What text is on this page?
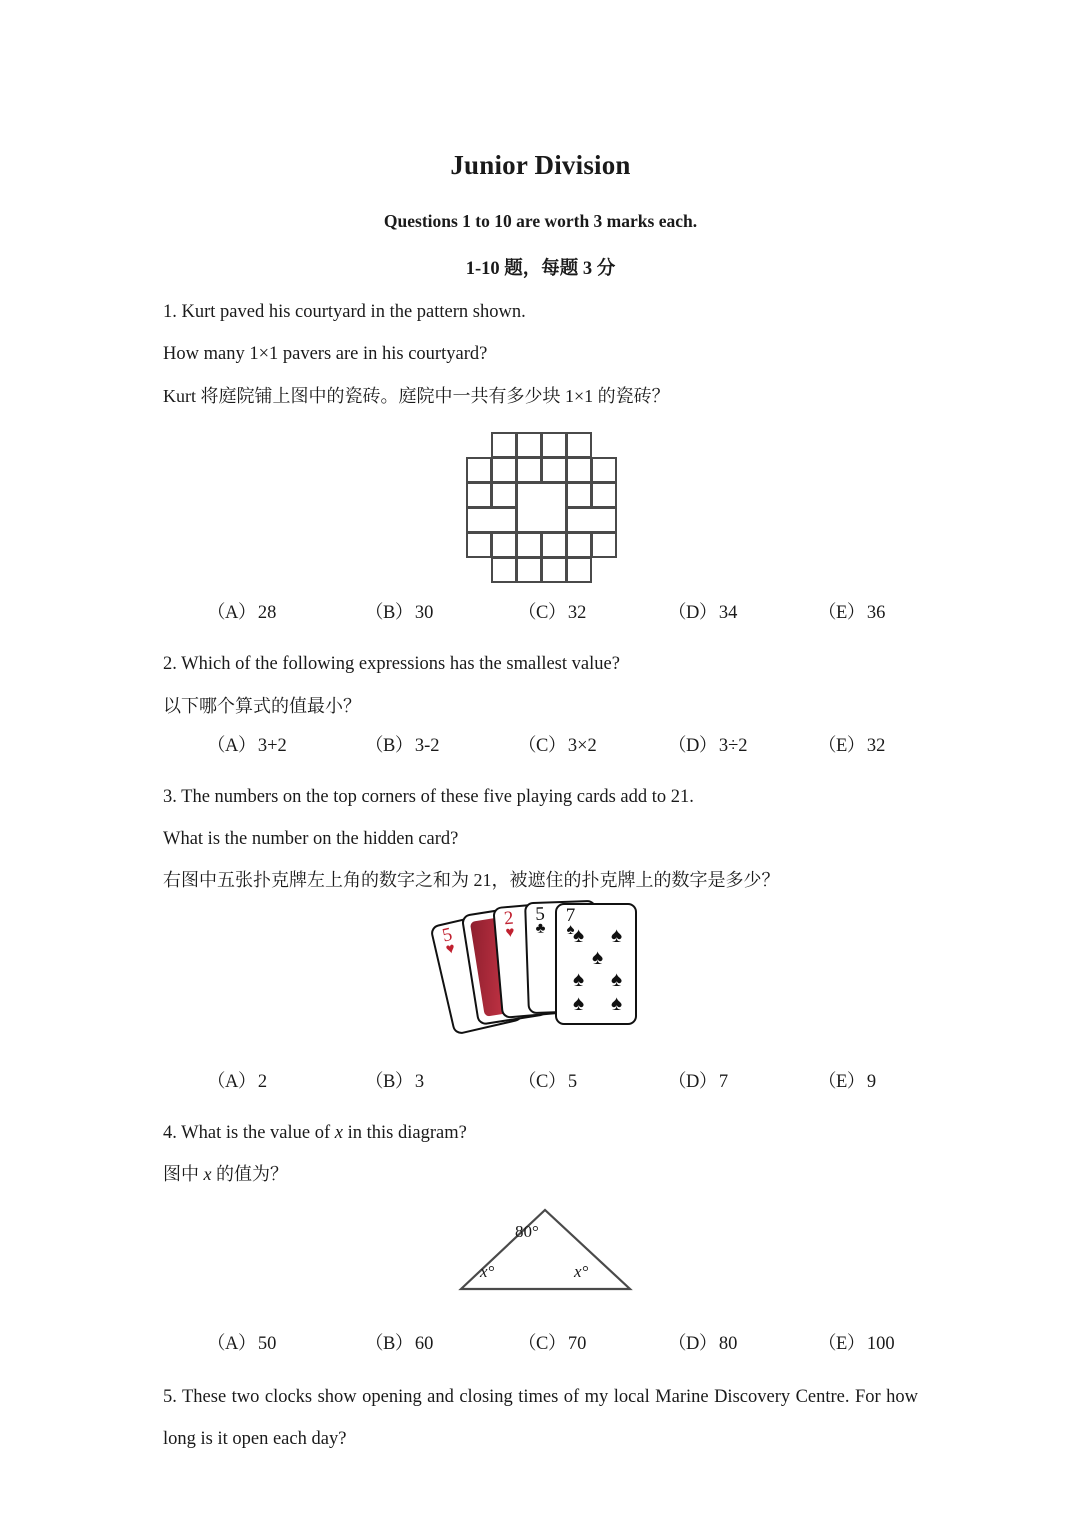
Junior Division

Questions 1 to 10 are worth 3 marks each.

1-10 题，每题 3 分

1. Kurt paved his courtyard in the pattern shown.

How many 1×1 pavers are in his courtyard?

Kurt 将庭院铺上图中的瓷砖。庭院中一共有多少块 1×1 的瓷砖？

（A） 28	（B） 30	（C） 32	（D） 34	（E） 36

2. Which of the following expressions has the smallest value?

以下哪个算式的值最小？

（A） 3+2	（B） 3-2	（C） 3×2	（D） 3÷2	（E） 32

3. The numbers on the top corners of these five playing cards add to 21.

What is the number on the hidden card?

右图中五张扑克牌左上角的数字之和为 21，被遮住的扑克牌上的数字是多少？

5
♥
2
♥
5
♣
7
♠
♠ ♠
♠
♠ ♠
♠ ♠
（A） 2	（B） 3	（C） 5	（D） 7	（E） 9

4. What is the value of x in this diagram?

图中 x 的值为？

80°
x°	x°
（A） 50	（B） 60	（C） 70	（D） 80	（E） 100

5. These two clocks show opening and closing times of my local Marine Discovery Centre. For how long is it open each day?
